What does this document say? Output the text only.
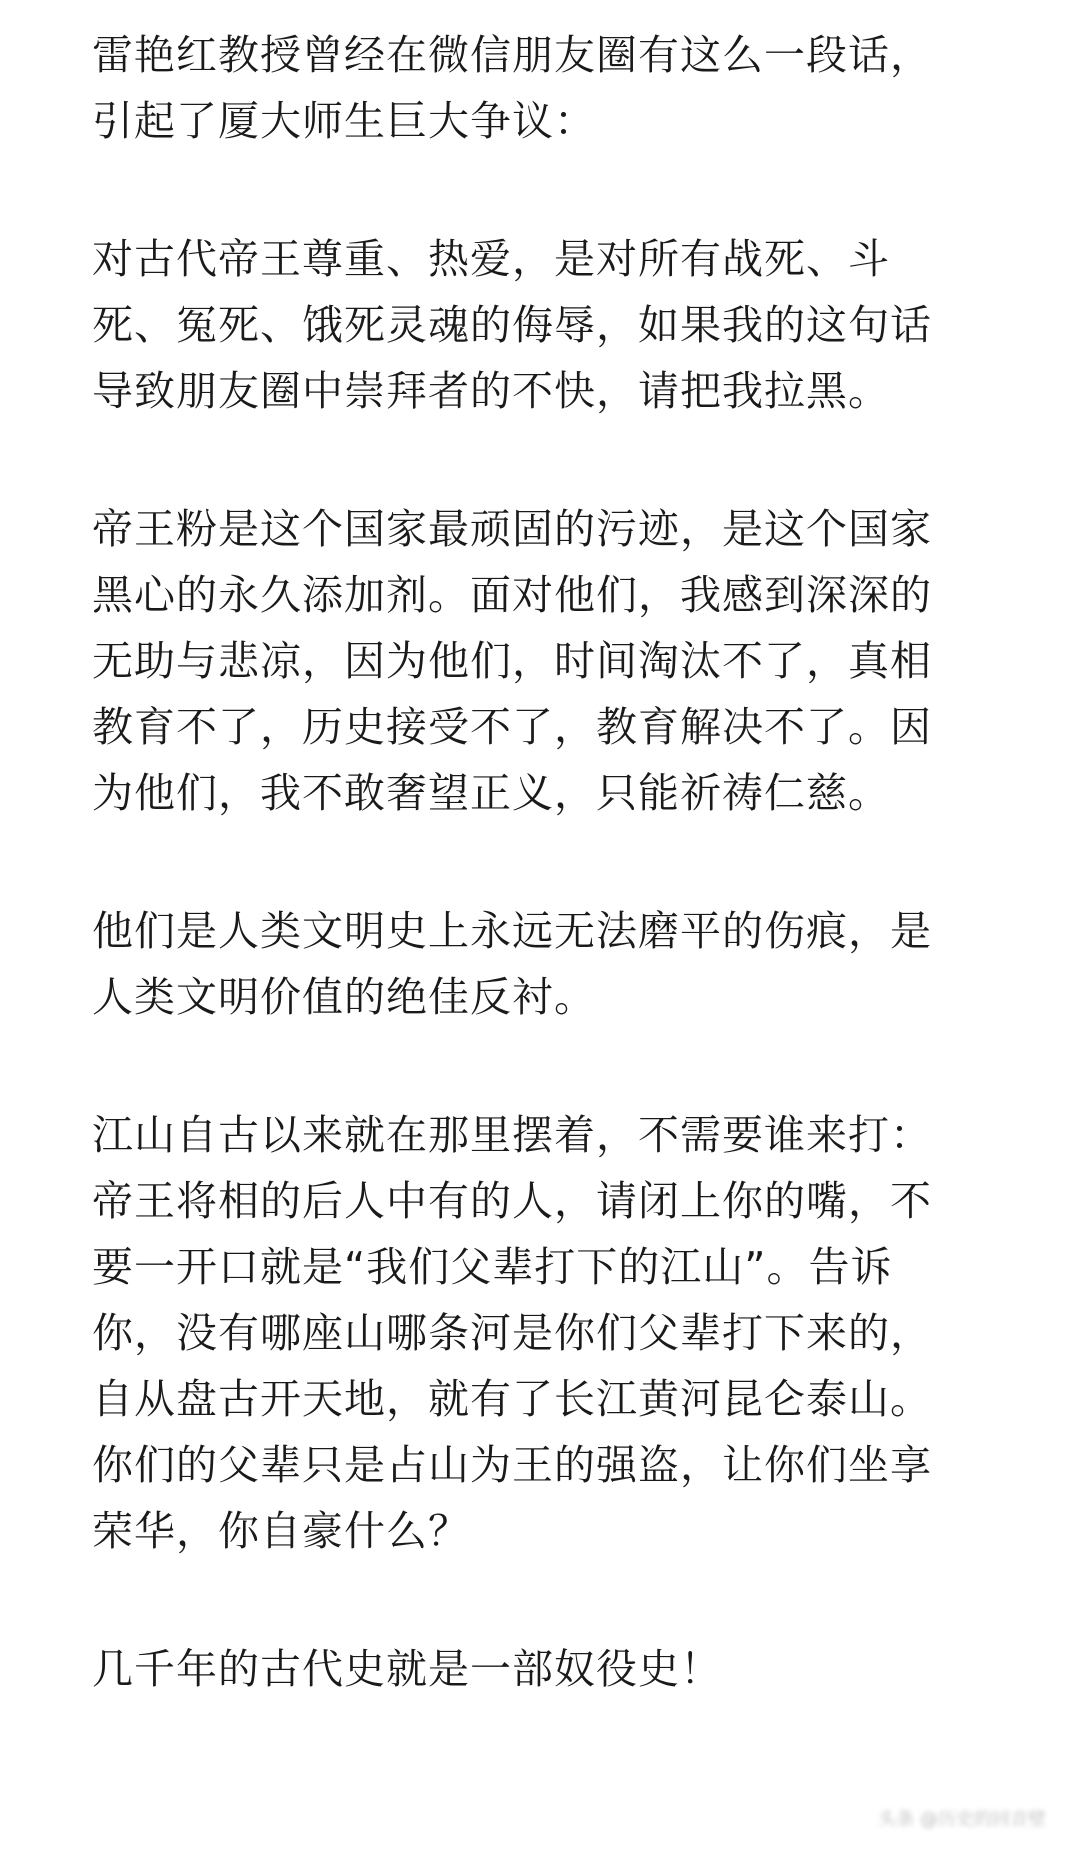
雷艳红教授曾经在微信朋友圈有这么一段话，
引起了厦大师生巨大争议：
对古代帝王尊重、热爱，是对所有战死、斗
死、冤死、饿死灵魂的侮辱，如果我的这句话
导致朋友圈中崇拜者的不快，请把我拉黑。
帝王粉是这个国家最顽固的污迹，是这个国家
黑心的永久添加剂。面对他们，我感到深深的
无助与悲凉，因为他们，时间淘汰不了，真相
教育不了，历史接受不了，教育解决不了。因
为他们，我不敢奢望正义，只能祈祷仁慈。
他们是人类文明史上永远无法磨平的伤痕，是
人类文明价值的绝佳反衬。
江山自古以来就在那里摆着，不需要谁来打：
帝王将相的后人中有的人，请闭上你的嘴，不
要一开口就是“我们父辈打下的江山”。告诉
你，没有哪座山哪条河是你们父辈打下来的，
自从盘古开天地，就有了长江黄河昆仑泰山。
你们的父辈只是占山为王的强盗，让你们坐享
荣华，你自豪什么？
几千年的古代史就是一部奴役史！
头条 @历史的回音壁
